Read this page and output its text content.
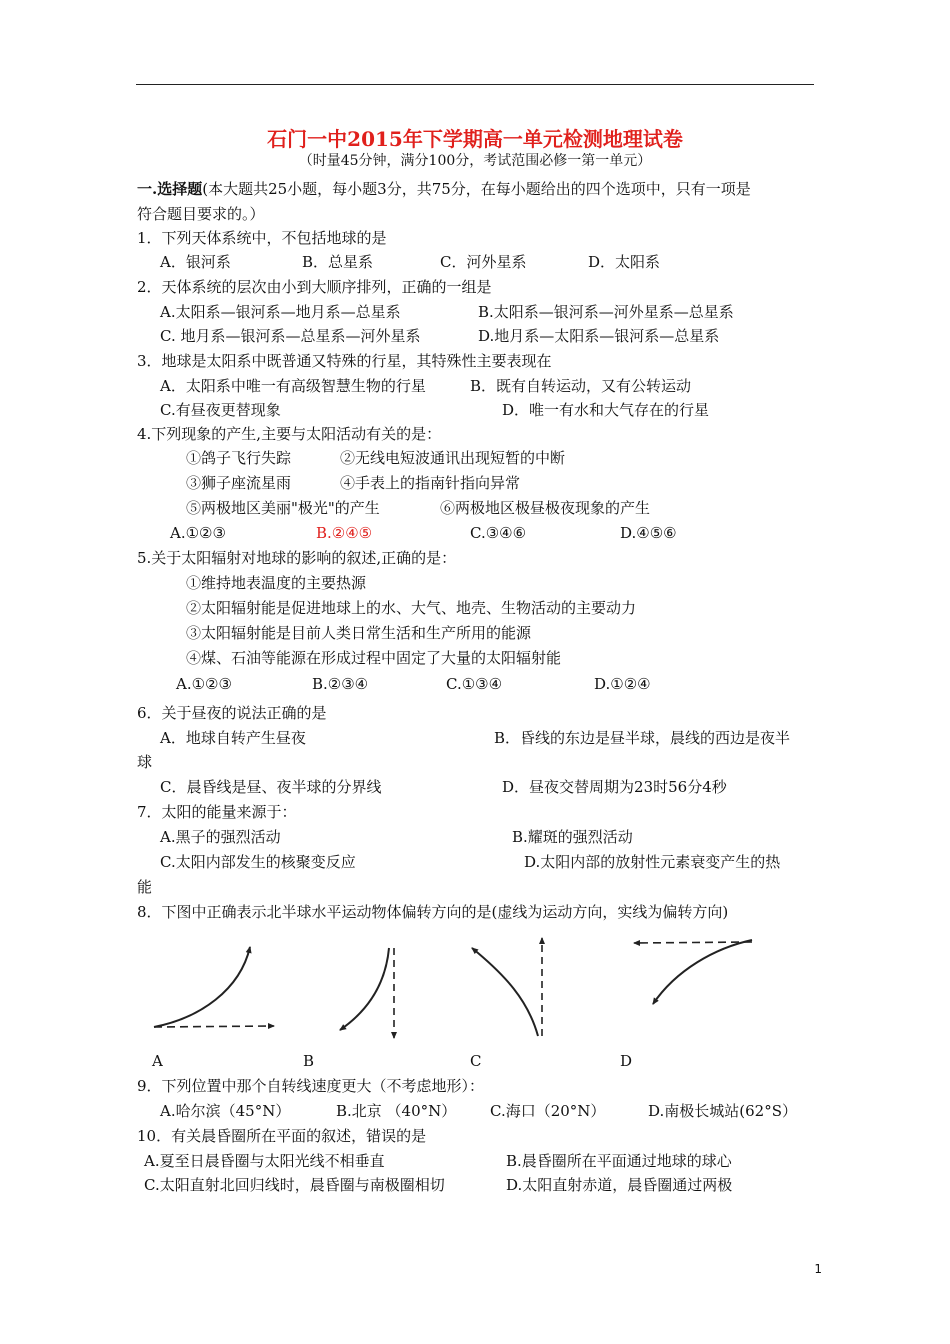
石门一中2015年下学期高一单元检测地理试卷
（时量45分钟，满分100分，考试范围必修一第一单元）
一.选择题(本大题共25小题，每小题3分，共75分，在每小题给出的四个选项中，只有一项是
符合题目要求的。）
1．下列天体系统中，不包括地球的是
A．银河系	B．总星系	C．河外星系	D．太阳系
2．天体系统的层次由小到大顺序排列，正确的一组是
A.太阳系—银河系—地月系—总星系	B.太阳系—银河系—河外星系—总星系
C. 地月系—银河系—总星系—河外星系	D.地月系—太阳系—银河系—总星系
3．地球是太阳系中既普通又特殊的行星，其特殊性主要表现在
A．太阳系中唯一有高级智慧生物的行星	B．既有自转运动，又有公转运动
C.有昼夜更替现象	D．唯一有水和大气存在的行星
4.下列现象的产生,主要与太阳活动有关的是：
①鸽子飞行失踪	②无线电短波通讯出现短暂的中断
③狮子座流星雨	④手表上的指南针指向异常
⑤两极地区美丽"极光"的产生	⑥两极地区极昼极夜现象的产生
A.①②③	B.②④⑤	C.③④⑥	D.④⑤⑥
5.关于太阳辐射对地球的影响的叙述,正确的是：
①维持地表温度的主要热源
②太阳辐射能是促进地球上的水、大气、地壳、生物活动的主要动力
③太阳辐射能是目前人类日常生活和生产所用的能源
④煤、石油等能源在形成过程中固定了大量的太阳辐射能
A.①②③	B.②③④	C.①③④	D.①②④
6．关于昼夜的说法正确的是
A．地球自转产生昼夜	B．昏线的东边是昼半球，晨线的西边是夜半
球
C．晨昏线是昼、夜半球的分界线	D．昼夜交替周期为23时56分4秒
7．太阳的能量来源于：
A.黑子的强烈活动	B.耀斑的强烈活动
C.太阳内部发生的核聚变反应	D.太阳内部的放射性元素衰变产生的热
能
8．下图中正确表示北半球水平运动物体偏转方向的是(虚线为运动方向，实线为偏转方向)
A	B	C	D
9．下列位置中那个自转线速度更大（不考虑地形）：
A.哈尔滨（45°N）	B.北京 （40°N） C.海口（20°N）	D.南极长城站(62°S）
10．有关晨昏圈所在平面的叙述，错误的是
A.夏至日晨昏圈与太阳光线不相垂直	B.晨昏圈所在平面通过地球的球心
C.太阳直射北回归线时，晨昏圈与南极圈相切	D.太阳直射赤道，晨昏圈通过两极
1
